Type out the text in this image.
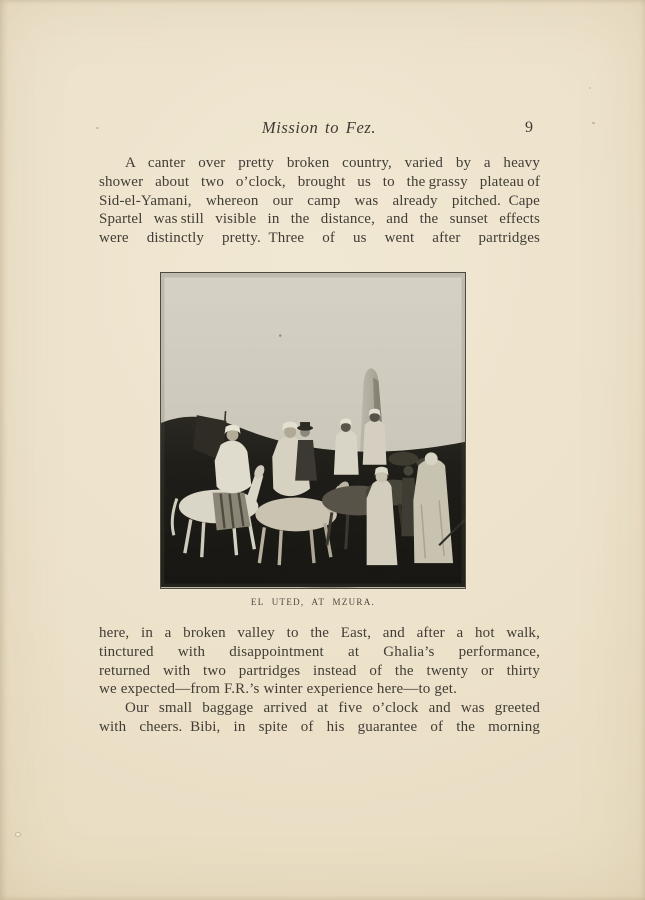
Mission to Fez.	9
A canter over pretty broken country, varied by a heavy
shower about two o’clock, brought us to the grassy plateau of
Sid-el-Yamani, whereon our camp was already pitched. Cape
Spartel was still visible in the distance, and the sunset effects
were distinctly pretty. Three of us went after partridges
EL UTED, AT MZURA.
here, in a broken valley to the East, and after a hot walk,
tinctured with disappointment at Ghalia’s performance,
returned with two partridges instead of the twenty or thirty
we expected—from F.R.’s winter experience here—to get.
Our small baggage arrived at five o’clock and was greeted
with cheers. Bibi, in spite of his guarantee of the morning
